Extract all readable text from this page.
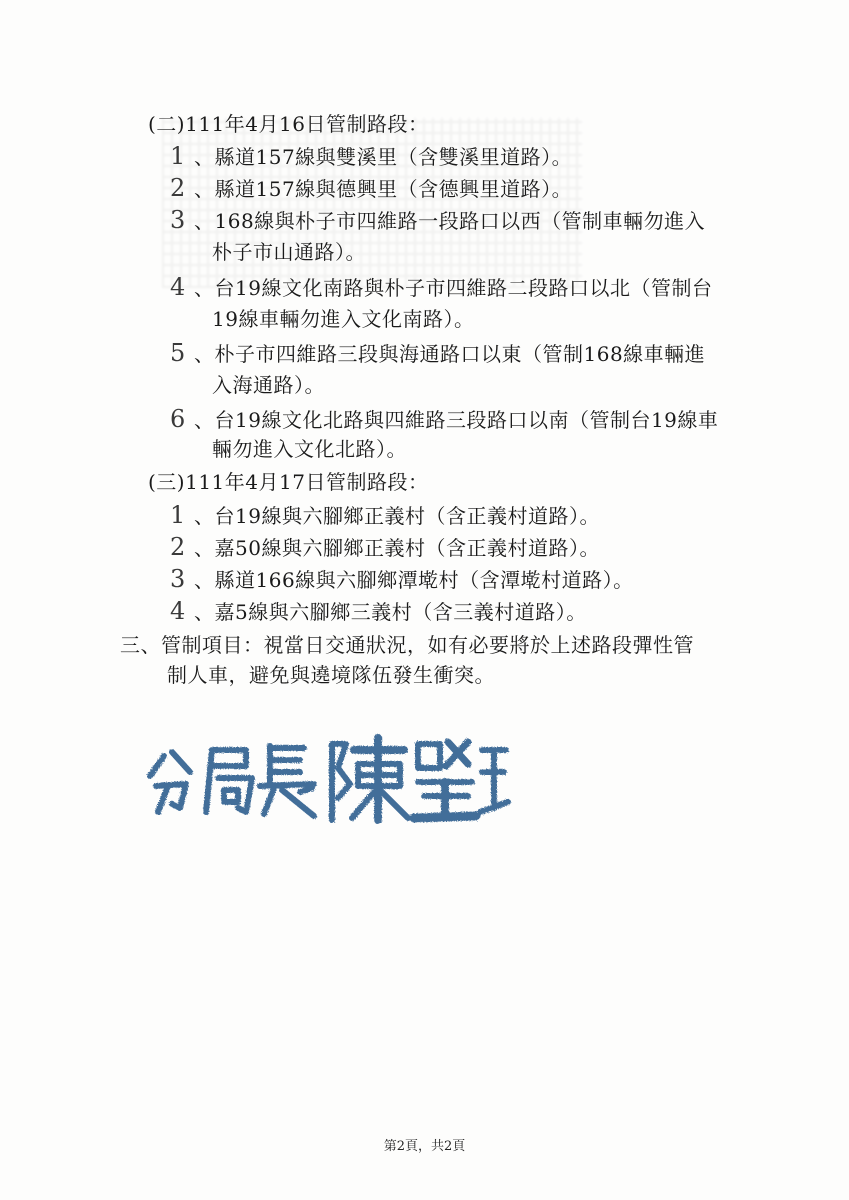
(二)111年4月16日管制路段：
1 、縣道157線與雙溪里（含雙溪里道路）。
2 、縣道157線與德興里（含德興里道路）。
3 、168線與朴子市四維路一段路口以西（管制車輛勿進入
朴子市山通路）。
4 、台19線文化南路與朴子市四維路二段路口以北（管制台
19線車輛勿進入文化南路）。
5 、朴子市四維路三段與海通路口以東（管制168線車輛進
入海通路）。
6 、台19線文化北路與四維路三段路口以南（管制台19線車
輛勿進入文化北路）。
(三)111年4月17日管制路段：
1 、台19線與六腳鄉正義村（含正義村道路）。
2 、嘉50線與六腳鄉正義村（含正義村道路）。
3 、縣道166線與六腳鄉潭墘村（含潭墘村道路）。
4 、嘉5線與六腳鄉三義村（含三義村道路）。
三、管制項目：視當日交通狀況，如有必要將於上述路段彈性管
制人車，避免與遶境隊伍發生衝突。
第2頁，共2頁
